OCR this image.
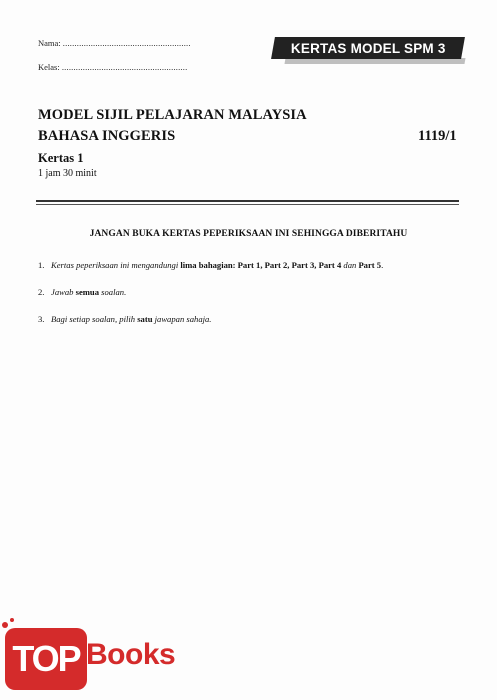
Nama: .......................................................
Kelas: ......................................................
KERTAS MODEL SPM 3
MODEL SIJIL PELAJARAN MALAYSIA
BAHASA INGGERIS	1119/1
Kertas 1
1 jam 30 minit
JANGAN BUKA KERTAS PEPERIKSAAN INI SEHINGGA DIBERITAHU
1. Kertas peperiksaan ini mengandungi lima bahagian: Part 1, Part 2, Part 3, Part 4 dan Part 5.
2. Jawab semua soalan.
3. Bagi setiap soalan, pilih satu jawapan sahaja.
TOP Books
